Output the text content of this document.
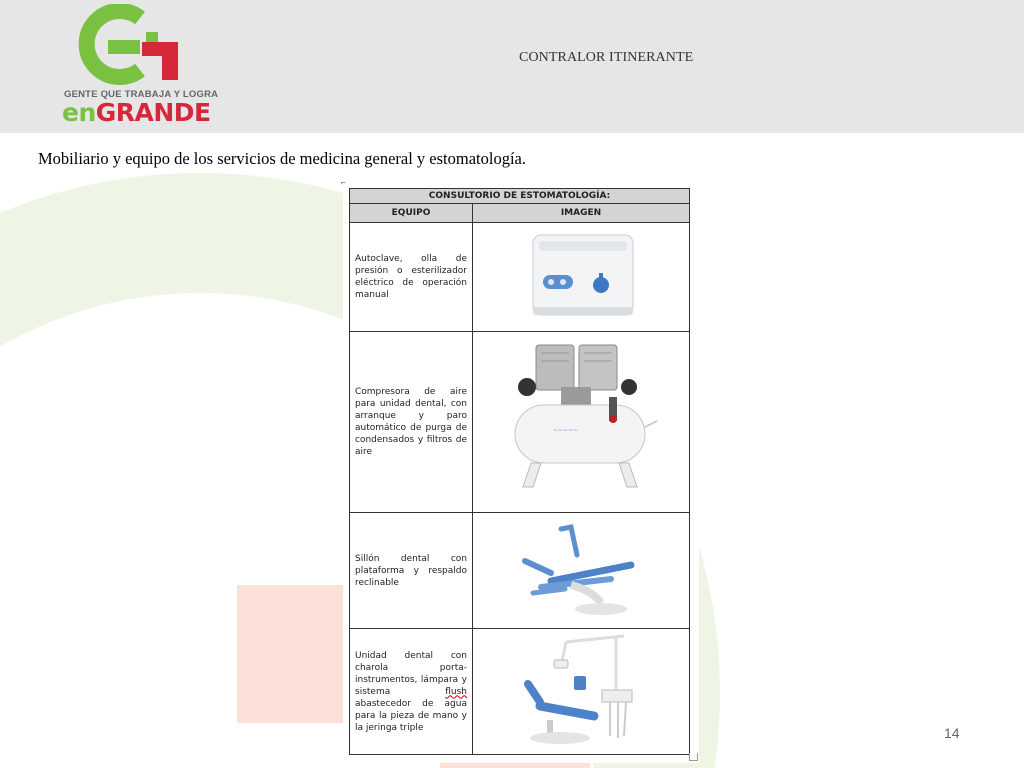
GENTE QUE TRABAJA Y LOGRA
enGRANDE
CONTRALOR ITINERANTE
Mobiliario y equipo de los servicios de medicina general y estomatología.
⌐
CONSULTORIO DE ESTOMATOLOGÍA:	
EQUIPO	IMAGEN
Autoclave, olla de presión o esterilizador eléctrico de operación manual	

Compresora de aire para unidad dental, con arranque y paro automático de purga de condensados y filtros de aire	~~~~~

Sillón dental con plataforma y respaldo reclinable	

Unidad dental con charola porta-instrumentos, lámpara y sistema flush abastecedor de agua para la pieza de mano y la jeringa triple		14
